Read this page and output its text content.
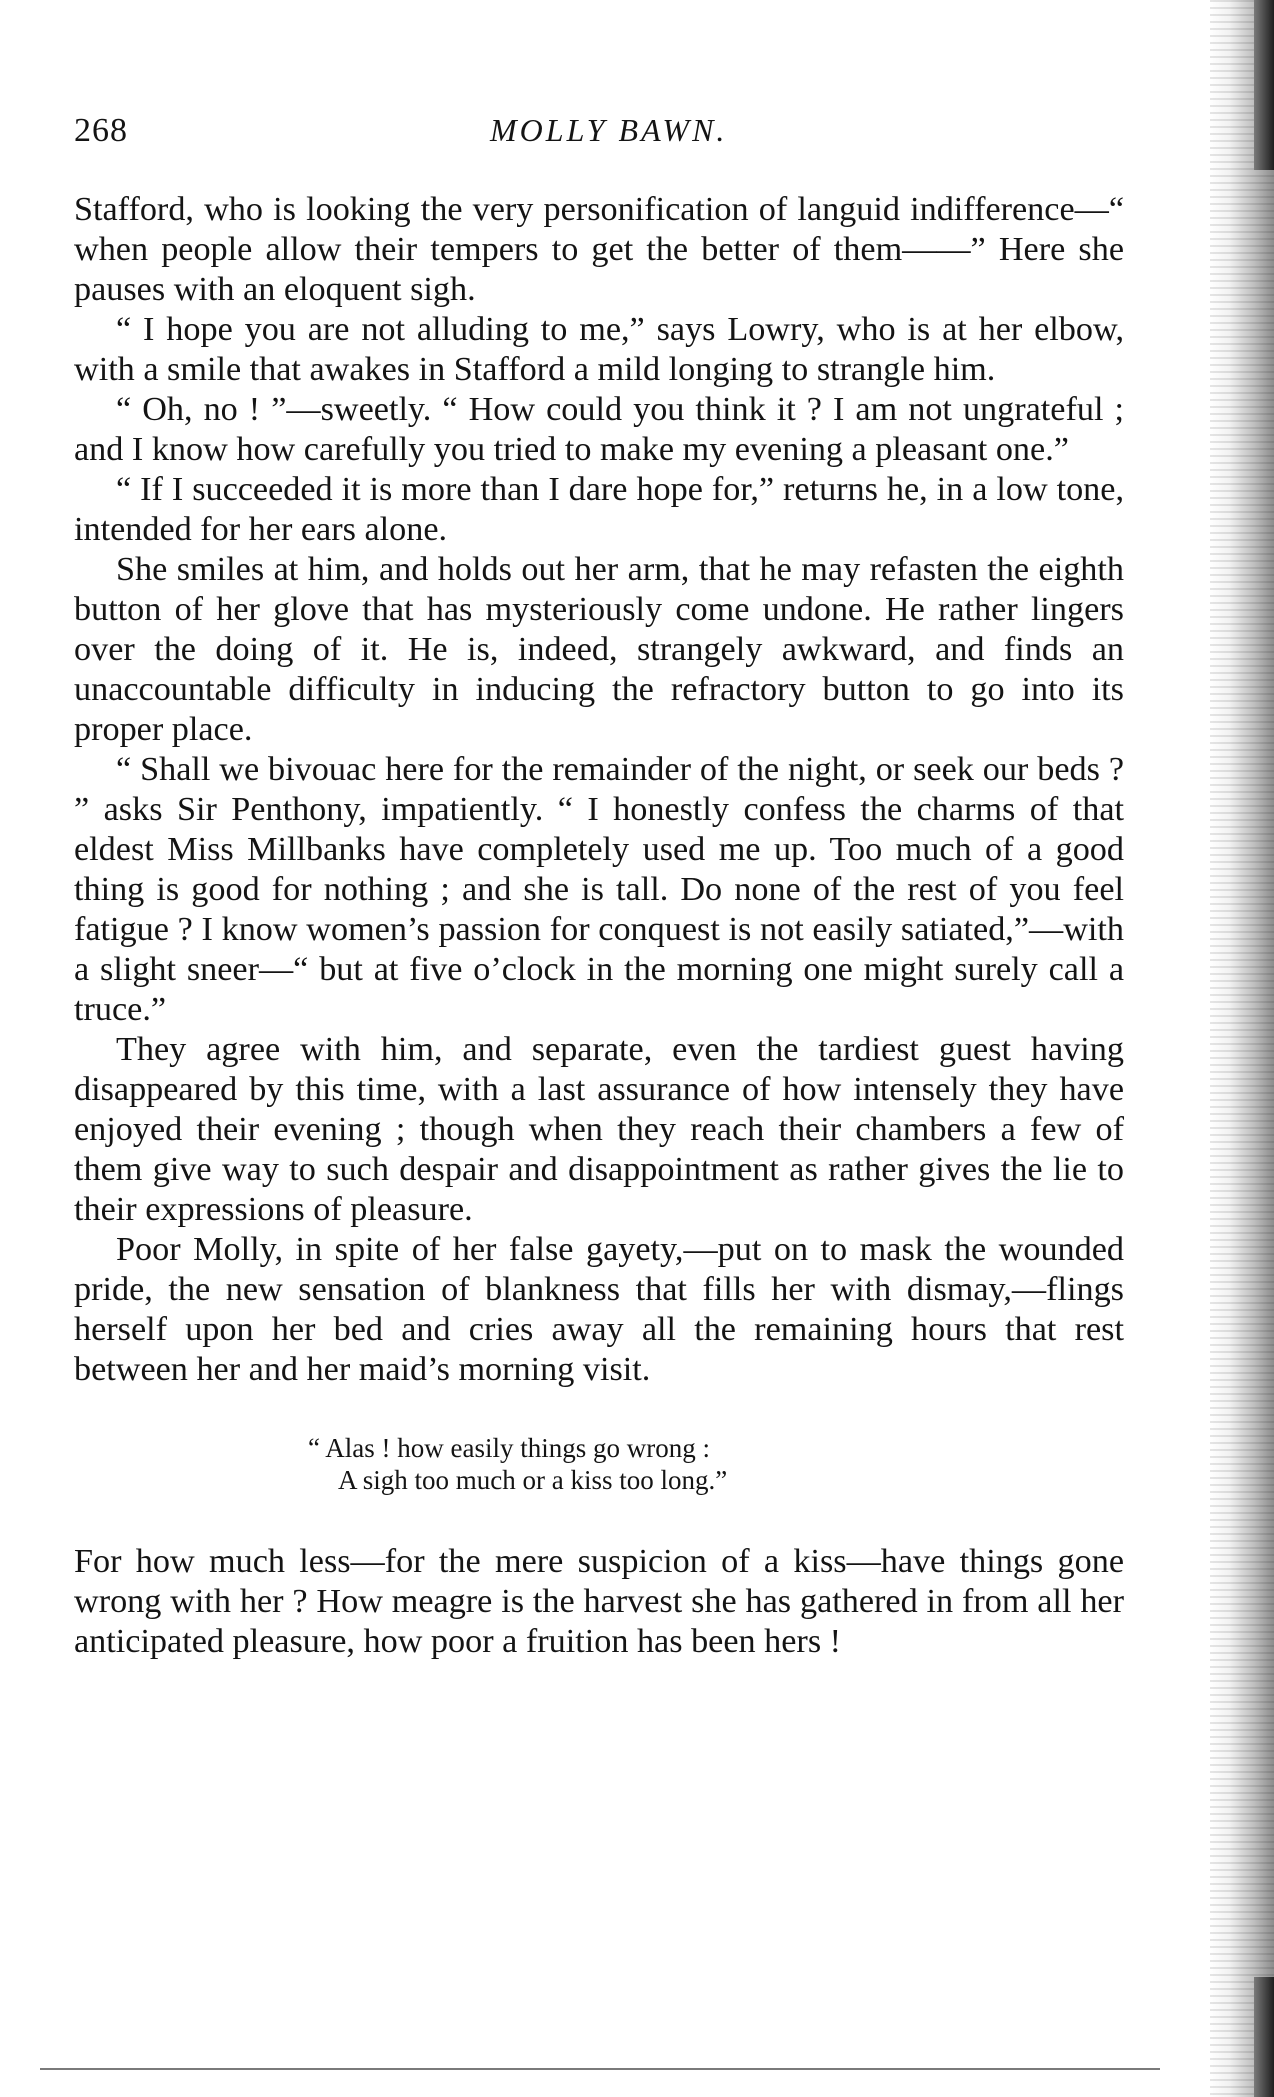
268	MOLLY BAWN.

Stafford, who is looking the very personification of languid indifference—“ when people allow their tempers to get the better of them——” Here she pauses with an eloquent sigh.

“ I hope you are not alluding to me,” says Lowry, who is at her elbow, with a smile that awakes in Stafford a mild longing to strangle him.

“ Oh, no ! ”—sweetly. “ How could you think it ? I am not ungrateful ; and I know how carefully you tried to make my evening a pleasant one.”

“ If I succeeded it is more than I dare hope for,” returns he, in a low tone, intended for her ears alone.

She smiles at him, and holds out her arm, that he may refasten the eighth button of her glove that has mysteriously come undone. He rather lingers over the doing of it. He is, indeed, strangely awkward, and finds an unaccountable difficulty in inducing the refractory button to go into its proper place.

“ Shall we bivouac here for the remainder of the night, or seek our beds ? ” asks Sir Penthony, impatiently. “ I honestly confess the charms of that eldest Miss Millbanks have completely used me up. Too much of a good thing is good for nothing ; and she is tall. Do none of the rest of you feel fatigue ? I know women’s passion for conquest is not easily satiated,”—with a slight sneer—“ but at five o’clock in the morning one might surely call a truce.”

They agree with him, and separate, even the tardiest guest having disappeared by this time, with a last assurance of how intensely they have enjoyed their evening ; though when they reach their chambers a few of them give way to such despair and disappointment as rather gives the lie to their expressions of pleasure.

Poor Molly, in spite of her false gayety,—put on to mask the wounded pride, the new sensation of blankness that fills her with dismay,—flings herself upon her bed and cries away all the remaining hours that rest between her and her maid’s morning visit.

“ Alas ! how easily things go wrong :
A sigh too much or a kiss too long.”

For how much less—for the mere suspicion of a kiss—have things gone wrong with her ? How meagre is the harvest she has gathered in from all her anticipated pleasure, how poor a fruition has been hers !
